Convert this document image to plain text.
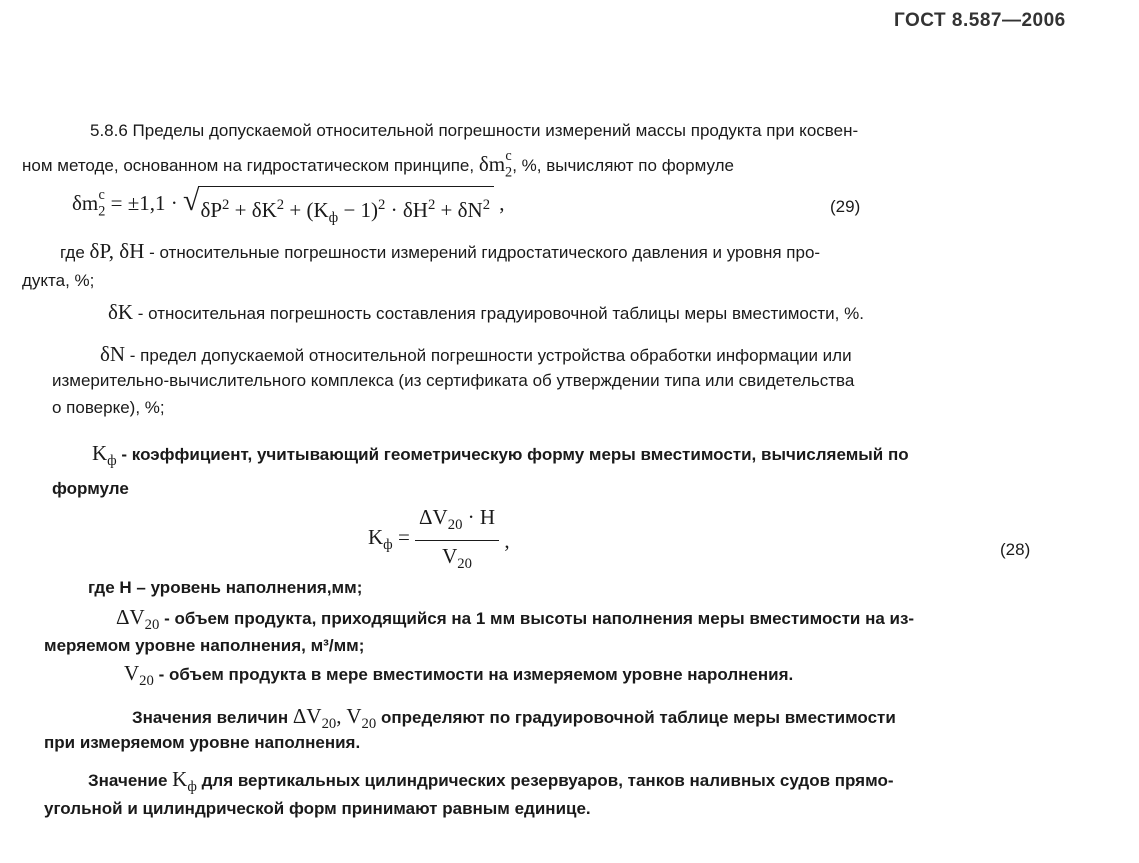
ГОСТ 8.587—2006
5.8.6 Пределы допускаемой относительной погрешности измерений массы продукта при косвен-
ном методе, основанном на гидростатическом принципе, δm c
$_2$, %, вычисляют по формуле
δm c
$_2$ = ±1,1 · √ $\delta P^2 + \delta K^2 + (K_ф - 1)^2 \cdot \delta H^2 + \delta N^2$ ,	(29)
где δP, δH - относительные погрешности измерений гидростатического давления и уровня про-
дукта, %;
δK - относительная погрешность составления градуировочной таблицы меры вместимости, %.
δN - предел допускаемой относительной погрешности устройства обработки информации или
измерительно-вычислительного комплекса (из сертификата об утверждении типа или свидетельства
о поверке), %;
$K_ф$ - коэффициент, учитывающий геометрическую форму меры вместимости, вычисляемый по
формуле
$K_ф = \frac{\Delta V_{20} \cdot H}{V_{20}}$ ,	(28)
где Н – уровень наполнения,мм;
$\Delta V_{20}$ - объем продукта, приходящийся на 1 мм высоты наполнения меры вместимости на из-
меряемом уровне наполнения, м³/мм;
$V_{20}$ - объем продукта в мере вместимости на измеряемом уровне наролнения.
Значения величин $\Delta V_{20}$, $V_{20}$ определяют по градуировочной таблице меры вместимости
при измеряемом уровне наполнения.
Значение $K_ф$ для вертикальных цилиндрических резервуаров, танков наливных судов прямо-
угольной и цилиндрической форм принимают равным единице.
